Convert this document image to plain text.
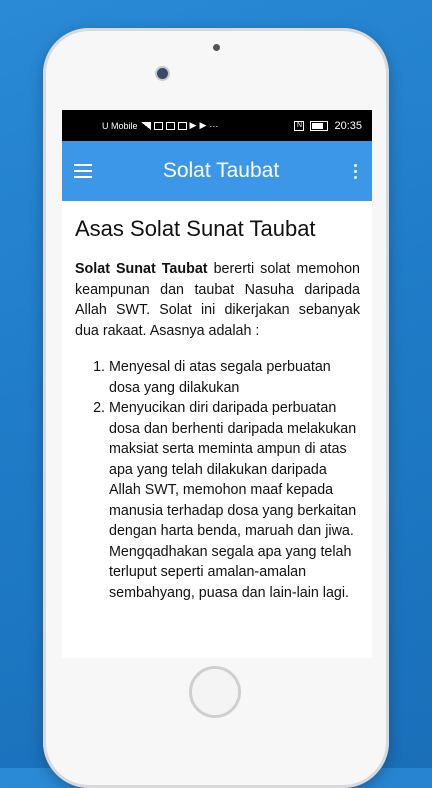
U Mobile	▶ ▶ ···	N	20:35
Solat Taubat
Asas Solat Sunat Taubat

Solat Sunat Taubat bererti solat memohon keampunan dan taubat Nasuha daripada Allah SWT. Solat ini dikerjakan sebanyak dua rakaat. Asasnya adalah :

1. Menyesal di atas segala perbuatan dosa yang dilakukan
2. Menyucikan diri daripada perbuatan dosa dan berhenti daripada melakukan maksiat serta meminta ampun di atas apa yang telah dilakukan daripada Allah SWT, memohon maaf kepada manusia terhadap dosa yang berkaitan dengan harta benda, maruah dan jiwa. Mengqadhakan segala apa yang telah terluput seperti amalan-amalan sembahyang, puasa dan lain-lain lagi.
